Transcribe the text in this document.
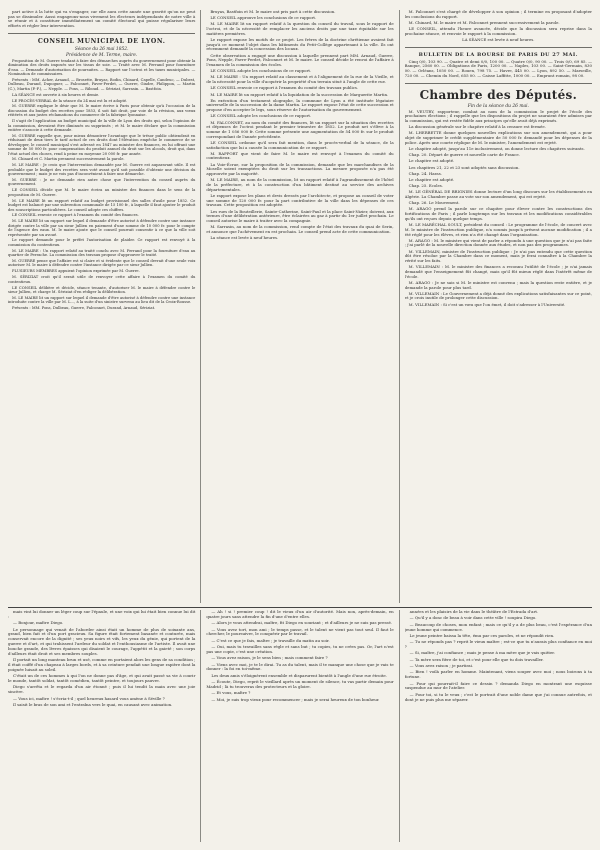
part active à la lutte qui va s'engager, car elle aura cette année une gravité qu'on ne peut pas se dissimuler. Aussi engageons-nous vivement les électeurs indépendants de notre ville à se réunir et à constituer immédiatement un comité électoral qui puisse régulariser leurs efforts et régler leur intervention.

CONSEIL MUNICIPAL DE LYON.
Séance du 26 mai 1852.
Présidence de M. Terme, maire.

Proposition de M. Guerre tendant à faire des démarches auprès du gouvernement pour obtenir la diminution des droits imposés sur les tissus de soie. — Traité avec M. Ferrand pour fourniture d'eau. — Demande d'autorisation de poursuites. — Rapport sur l'octroi et les taxes municipales. — Nomination de commissaires.

Présents : MM. Acher, Arnaud, — Brosette, Bruyas, Bodin, Chinard, Capelle, Candeuc, — Dubest, Dulbeau, Durand, Dupoguer, — Falconnet, Favre-Perdet, — Guerre, Gindre, Philippon, — Martin (C.), Martin (P.-F.), — Nepple. — Pons, — Riboud. — Sériziat, Sarrasin. — Bastfoin.

LA SÉANCE est ouverte à six heures et demie.

LE PROCÈS-VERBAL de la séance du 24 mai est lu et adopté.

M. GUERRE explique le désir que M. le maire écrive à Paris pour obtenir qu'à l'occasion de la discussion du budget des recettes pour 1853, il soit fait droit, par voie de la révision, aux vœux réitérés et aux justes réclamations du commerce de la fabrique lyonnaise.

Il s'agit de l'application au budget municipal de la ville de Lyon des droits qui, selon l'opinion de la commission, devraient être diminués ou supprimés ; et M. le maire déclare que la commission entière s'associe à cette demande.

M. GUERRE rappelle que, pour mieux démontrer l'avantage que le trésor public obtiendrait en réduisant de deux tiers le tarif actuel de ces droits dont l'élévation empêche le commerce de se développer, le conseil municipal s'est adressé en 1847 au ministre des finances, en lui offrant une somme de 50 000 fr. pour compensation du produit annuel du droit sur les alcools, droit qui, dans l'état actuel des choses, rend à peine en moyenne 20 000 fr. par année.

M. Chinard et C. Martin prennent successivement la parole.

M. LE MAIRE : Je crois que l'intervention demandée par M. Guerre est auparavant utile. Il est probable que le budget des recettes sera voté avant qu'il soit possible d'obtenir une décision du gouvernement ; mais je ne vois pas d'inconvénient à faire une démarche.

M. GUERRE : Je ne demande rien autre chose que l'intervention du conseil auprès du gouvernement.

LE CONSEIL décide que M. le maire écrira au ministre des finances dans le sens de la proposition de M. Guerre.

M. LE MAIRE lit un rapport relatif au budget provisionnel des salles d'asile pour 1852. Ce budget est balancé par une subvention communale de 15 100 fr., à laquelle il faut ajouter le produit des souscriptions particulières. Le conseil adopte ces chiffres.

LE CONSEIL renvoie ce rapport à l'examen du comité des finances.

M. LE MAIRE lit un rapport sur lequel il demande d'être autorisé à défendre contre une instance dirigée contre la ville par un sieur Jullien en paiement d'une somme de 10 000 fr. pour le compte de l'agence des eaux. M. le maire ajoute que le conseil pourrait consentir à ce que la ville soit représentée par un avoué.

Le rapport demande pour le préfet l'autorisation de plaider. Ce rapport est renvoyé à la commission du contentieux.

M. LE MAIRE : Un rapport relatif au traité conclu avec M. Ferrand pour la fourniture d'eau au quartier de Perrache. La commission des travaux propose d'approuver le traité.

M. GUERRE pense que l'affaire est si claire et si évidente que le conseil devrait d'une seule voix autoriser M. le maire à défendre contre l'instance dirigée par ce sieur Jullien.

PLUSIEURS MEMBRES appuient l'opinion exprimée par M. Guerre.

M. SÉRIZIAT croit qu'il serait utile de renvoyer cette affaire à l'examen du comité du contentieux.

LE CONSEIL délibère et décide, séance tenante, d'autoriser M. le maire à défendre contre le sieur Jullien, et charge M. Sériziat d'en rédiger la délibération.

M. LE MAIRE lit un rapport sur lequel il demande d'être autorisé à défendre contre une instance introduite contre la ville par M. L..., à la suite d'un sinistre survenu au lieu dit de la Croix-Rousse.

Présents : MM. Pons, Dulbeau, Guerre, Falconnet, Durand, Arnaud, Sériziat.

Bruyas, Bastfoin et M. le maire ont pris part à cette discussion.

LE CONSEIL approuve les conclusions de ce rapport.

M. LE MAIRE lit un rapport relatif à la question du conseil du travail, sous le rapport de l'octroi, et de la nécessité de remplacer les anciens droits par une taxe équitable sur les matières premières.

Le rapport expose les motifs de ce projet. Les frères de la doctrine chrétienne avaient fait jusqu'à ce moment l'objet dans les bâtiments du Petit-Collège appartenant à la ville. Ils ont récemment demandé la concession des locaux.

Cette observation a engagé une discussion à laquelle prennent part MM. Arnaud, Guerre, Pons, Nepple, Favre-Perdet, Falconnet et M. le maire. Le conseil décide le renvoi de l'affaire à l'examen de la commission des écoles.

LE CONSEIL adopte les conclusions de ce rapport.

M. LE MAIRE : Un rapport relatif au classement et à l'alignement de la rue de la Vieille, et de la nécessité pour la ville d'acquérir la propriété d'un terrain situé à l'angle de cette rue.

LE CONSEIL renvoie ce rapport à l'examen du comité des travaux publics.

M. LE MAIRE lit un rapport relatif à la liquidation de la succession de Marguerite Martin.

En exécution d'un testament olographe, la commune de Lyon a été instituée légataire universelle de la succession de la dame Martin. Le rapport expose l'état de cette succession et propose d'en accepter le legs, sous réserve de l'autorisation du gouvernement.

LE CONSEIL adopte les conclusions de ce rapport.

M. FALCONNET, au nom du comité des finances, lit un rapport sur la situation des recettes et dépenses de l'octroi pendant le premier trimestre de 1852. Le produit net s'élève à la somme de 1 056 000 fr. Cette somme présente une augmentation de 54 000 fr. sur le produit correspondant de l'année précédente.

LE CONSEIL ordonne qu'il sera fait mention, dans le procès-verbal de la séance, de la satisfaction que lui a causée la communication de ce rapport.

M. RAPPORT que vient de faire M. le maire est renvoyé à l'examen du comité du contentieux.

La Voie-Écrue, sur la proposition de la commission, demande que les marchandises de la Moselle soient exemptées du droit sur les transactions. La mesure proposée n'a pas été approuvée par la majorité.

M. LE MAIRE, au nom de la commission, lit un rapport relatif à l'agrandissement de l'hôtel de la préfecture, et à la construction d'un bâtiment destiné au service des archives départementales.

Le rapport expose les plans et devis dressés par l'architecte, et propose au conseil de voter une somme de 120 000 fr. pour la part contributive de la ville dans les dépenses de ces travaux. Cette proposition est adoptée.

Les rues de la Bouteillerie, Sainte-Catherine, Saint-Paul et la place Saint-Nizier, doivent, aux termes d'une délibération antérieure, être éclairées au gaz à partir du 1er juillet prochain. Le conseil autorise le maire à traiter avec la compagnie.

M. Sarrasin, au nom de la commission, rend compte de l'état des travaux du quai de Serin, et annonce que l'achèvement en est prochain. Le conseil prend acte de cette communication.

La séance est levée à neuf heures.

M. Falconnet s'est chargé de développer à son opinion ; il termine en proposant d'adopter les conclusions du rapport.

M. Chinard, M. le maire et M. Falconnet prennent successivement la parole.

LE CONSEIL, attendu l'heure avancée, décide que la discussion sera reprise dans la prochaine séance, et renvoie le rapport à la commission.

LA SÉANCE est levée à neuf heures.

BULLETIN DE LA BOURSE DE PARIS DU 27 MAI.

Cinq 0/0, 103 90. — Quatre et demi 0/0, 100 00. — Quatre 0/0, 90 00. — Trois 0/0, 69 85. — Banque, 2560 00. — Obligations de Paris, 1200 00. — Naples, 103 00. — Saint-Germain, 830 00. — Orléans, 1050 00. — Rouen, 798 75. — Havre, 445 00. — Lyon, 892 50. — Marseille, 720 00. — Chemin du Nord, 655 00. — Caisse Laffitte, 1000 00. — Emprunt romain, 98 00.

Chambre des Députés.
Fin de la séance du 26 mai.

M. VEUTRY, rapporteur, combat au nom de la commission le projet de l'école des prochaines élections ; il rappelle que les dispositions du projet ne sauraient être admises par la commission, qui est restée fidèle aux principes qu'elle avait déjà exprimés.

La discussion générale sur le chapitre relatif à la censure est fermée.

M. LHERBETTE donne quelques nouvelles explications sur son amendement, qui a pour objet de supprimer le crédit supplémentaire de 50 000 fr. demandé pour les dépenses de la police. Après une courte réplique de M. le ministre, l'amendement est rejeté.

Le chapitre adopté, jusqu'au 11e inclusivement, on donne lecture des chapitres suivants.

Chap. 20. Départ de guerre et nouvelle carte de France.

Le chapitre est adopté.

Les chapitres 21, 22 et 23 sont adoptés sans discussion.

Chap. 24. Haras.

Le chapitre est adopté.

Chap. 25. Ecoles.

M. LE GÉNÉRAL DE BRIGNIES donne lecture d'un long discours sur les établissements en Algérie. La Chambre passe au vote sur son amendement, qui est rejeté.

Chap. 26. Le Mouvement.

M. ARAGO prend la parole sur ce chapitre pour élever contre les constructions des fortifications de Paris ; il parle longtemps sur les travaux et les modifications considérables qu'ils ont reçues depuis quelque temps.

M. LE MARÉCHAL SOULT, président du conseil : Le programme de l'école, de concert avec M. le ministre de l'instruction publique, n'a soumis jusqu'à présent aucune modification ; il a été réglé pour les élèves, et rien n'a été changé dans l'organisation.

M. ARAGO : M. le ministre qui vient de parler a répondu à une question que je n'ai pas faite ; j'ai parlé de la nouvelle direction donnée aux études, et non pas des programmes.

M. VILLEMAIN, ministre de l'instruction publique : Je n'ai pas entendu que cette question dût être résolue par la Chambre dans ce moment, mais je ferai connaître à la Chambre la vérité sur les faits.

M. VILLEMAIN : M. le ministre des finances a reconnu l'utilité de l'école ; je n'ai jamais demandé que l'enseignement fût changé, mais qu'il fût mieux réglé dans l'intérêt même de l'école.

M. ARAGO : Je ne sais si M. le ministre est convenu ; mais la question reste entière, et je demande la parole pour plus tard.

M. VILLEMAIN : Le Gouvernement a déjà donné des explications satisfaisantes sur ce point, et je crois inutile de prolonger cette discussion.

M. VILLEMAIN : Si c'est un vœu que l'on émet, il doit s'adresser à l'Université.

mais vint lui donner un léger coup sur l'épaule, et une voix qui lui était bien connue lui dit :

— Bonjour, maître Diego.

Le personnage qui venait de l'aborder ainsi était un homme de plus de soixante ans, grand, bien fait et d'un port gracieux. Sa figure était fortement basanée et couturée, mais conservait encore de la dignité ; ses yeux noirs et vifs, les yeux du génie, qui portent de la guerre et d'art, et qui trahissent l'ardeur du soldat et l'enthousiasme de l'artiste. Il avait une bouche grande, des lèvres épaisses qui disaient le courage, l'appétit et la gaieté ; son corps d'ailleurs était droit et ses membres souples.

Il portait un long manteau brun et usé, comme en portaient alors les gens de sa condition ; il était coiffé d'un chapeau à larges bords, et à sa ceinture pendait une longue rapière dont la poignée luisait au soleil.

C'était un de ces hommes à qui l'on ne donne pas d'âge, et qui avait passé sa vie à courir le monde, tantôt soldat, tantôt comédien, tantôt peintre, et toujours pauvre.

Diego s'arrêta et le regarda d'un air étonné ; puis il lui tendit la main avec une joie sincère.

— Vous ici, maître ! s'écria-t-il ; quel heureux hasard vous amène à Séville ?

Il saisit le bras de son ami et l'entraîna vers le quai, en causant avec animation.

— Ah ! si ! premier coup ! dit le vieux d'un air d'autorité. Mais non, après-demain, en quatre jours sans attendre la fin d'une d'entre elles.

— Alors je vous attendrai, maître, fit Diego en souriant ; et d'ailleurs je ne suis pas pressé.

— Vous avez tort, mon ami ; le temps passe, et le talent ne vient pas tout seul. Il faut le chercher, le poursuivre, le conquérir par le travail.

— C'est ce que je fais, maître ; je travaille du matin au soir.

— Oui, mais tu travailles sans règle et sans but ; tu copies, tu ne crées pas. Or, l'art n'est pas une copie, c'est une création.

— Vous avez raison, je le sens bien ; mais comment faire ?

— Viens avec moi, je te le dirai. Tu as du talent, mais il te manque une chose que je vais te donner : la foi en toi-même.

Les deux amis s'éloignèrent ensemble et disparurent bientôt à l'angle d'une rue étroite.

— Écoute, Diego, reprit le vieillard après un moment de silence, tu vas partir demain pour Madrid ; là tu trouveras des protecteurs et la gloire.

— Et vous, maître ?

— Moi, je suis trop vieux pour recommencer ; mais je serai heureux de ton bonheur.

années et les plaisirs de la vie dans le théâtre de l'Estrada d'art.

— Qu'il y a donc de beau à voir dans cette ville ! soupira Diego.

— Beaucoup de choses, mon enfant ; mais ce qu'il y a de plus beau, c'est l'espérance d'un jeune homme qui commence.

Le jeune peintre baissa la tête, ému par ces paroles, et ne répondit rien.

— Tu ne réponds pas ? reprit le vieux maître ; est-ce que tu n'aurais plus confiance en moi ?

— Si, maître, j'ai confiance ; mais je pense à ma mère que je vais quitter.

— Ta mère sera fière de toi, et c'est pour elle que tu dois travailler.

— Vous avez raison ; je partirai.

— Bien ! voilà parler en homme. Maintenant, viens souper avec moi ; nous boirons à ta fortune.

— Pour qui pourrait-il faire ce dessin ? demanda Diego en montrant une esquisse suspendue au mur de l'atelier.

— Pour toi, si tu le veux ; c'est le portrait d'une noble dame que j'ai connue autrefois, et dont je ne puis plus me séparer.
